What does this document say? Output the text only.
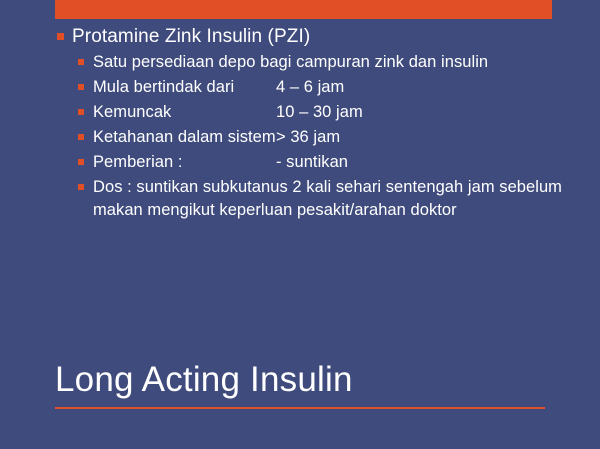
Protamine Zink Insulin (PZI)
Satu persediaan depo bagi campuran zink dan insulin
Mula bertindak dari	4 – 6 jam
Kemuncak	10 – 30 jam
Ketahanan dalam sistem> 36 jam
Pemberian :	- suntikan
Dos : suntikan subkutanus 2 kali sehari sentengah jam sebelum makan mengikut keperluan pesakit/arahan doktor
Long Acting Insulin
